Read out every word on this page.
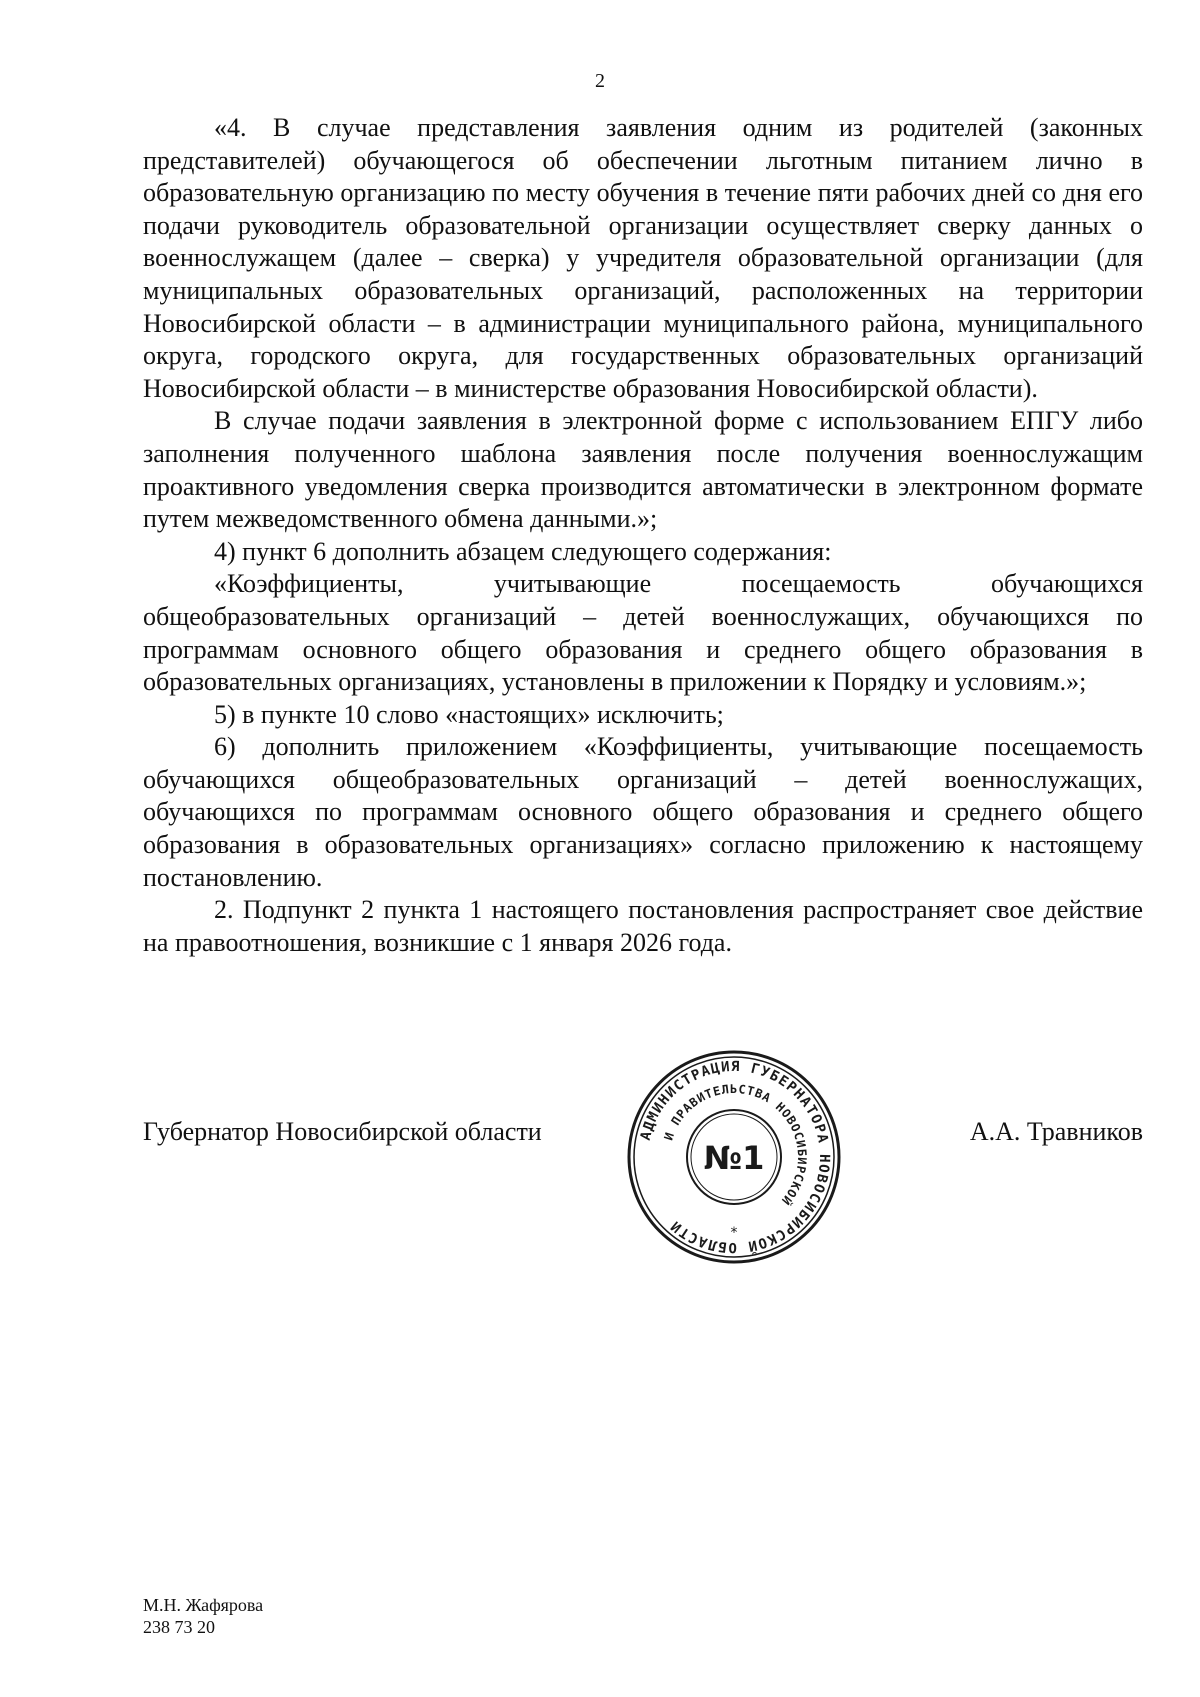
2

«4. В случае представления заявления одним из родителей (законных представителей) обучающегося об обеспечении льготным питанием лично в образовательную организацию по месту обучения в течение пяти рабочих дней со дня его подачи руководитель образовательной организации осуществляет сверку данных о военнослужащем (далее – сверка) у учредителя образовательной организации (для муниципальных образовательных организаций, расположенных на территории Новосибирской области – в администрации муниципального района, муниципального округа, городского округа, для государственных образовательных организаций Новосибирской области – в министерстве образования Новосибирской области).

В случае подачи заявления в электронной форме с использованием ЕПГУ либо заполнения полученного шаблона заявления после получения военнослужащим проактивного уведомления сверка производится автоматически в электронном формате путем межведомственного обмена данными.»;

4) пункт 6 дополнить абзацем следующего содержания:

«Коэффициенты, учитывающие посещаемость обучающихся общеобразовательных организаций – детей военнослужащих, обучающихся по программам основного общего образования и среднего общего образования в образовательных организациях, установлены в приложении к Порядку и условиям.»;

5) в пункте 10 слово «настоящих» исключить;

6) дополнить приложением «Коэффициенты, учитывающие посещаемость обучающихся общеобразовательных организаций – детей военнослужащих, обучающихся по программам основного общего образования и среднего общего образования в образовательных организациях» согласно приложению к настоящему постановлению.

2. Подпункт 2 пункта 1 настоящего постановления распространяет свое действие на правоотношения, возникшие с 1 января 2026 года.

Губернатор Новосибирской области	А.А. Травников
АДМИНИСТРАЦИЯ ГУБЕРНАТОРА НОВОСИБИРСКОЙ ОБЛАСТИ
И ПРАВИТЕЛЬСТВА НОВОСИБИРСКОЙ
№1
*
М.Н. Жафярова
238 73 20
